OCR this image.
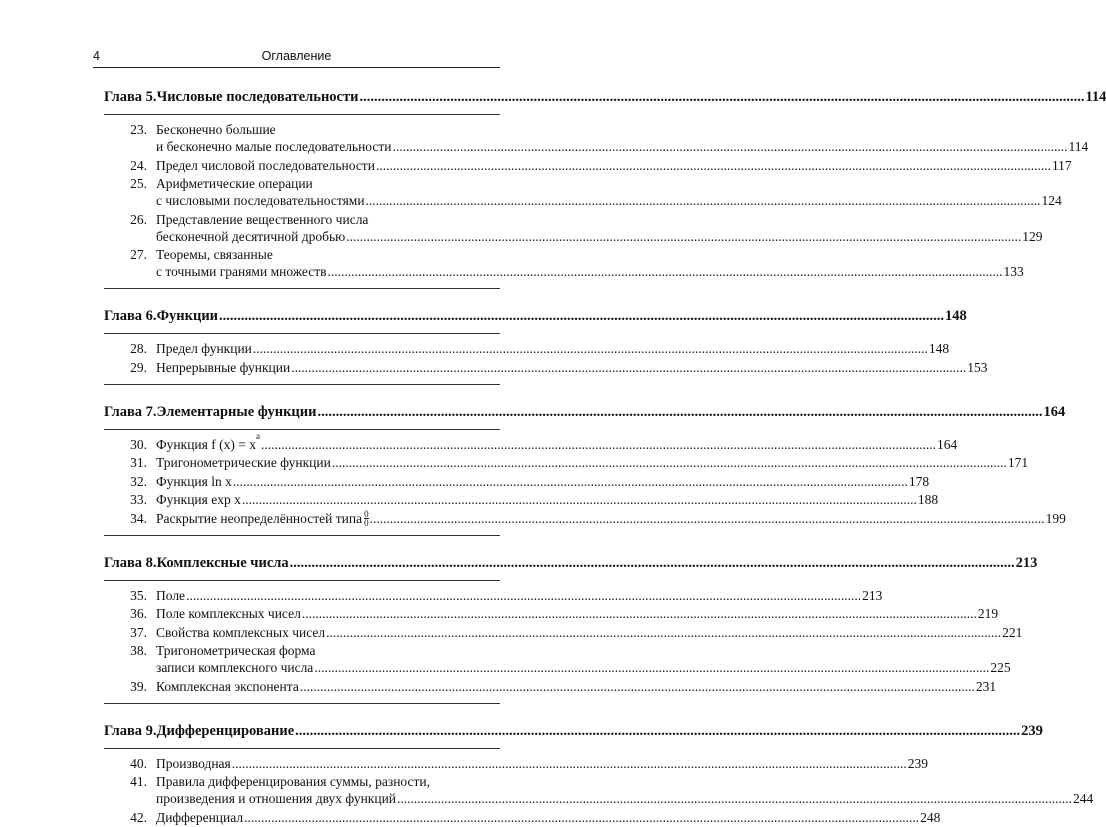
4	Оглавление
Глава 5. Числовые последовательности ........................................................................................................................................................................................................ 114
23. Бесконечно большие
и бесконечно малые последовательности ........................................................................................................................................................................................................ 114
24. Предел числовой последовательности ........................................................................................................................................................................................................ 117
25. Арифметические операции
с числовыми последовательностями ........................................................................................................................................................................................................ 124
26. Представление вещественного числа
бесконечной десятичной дробью ........................................................................................................................................................................................................ 129
27. Теоремы, связанные
с точными гранями множеств ........................................................................................................................................................................................................ 133
Глава 6. Функции ........................................................................................................................................................................................................ 148
28. Предел функции ........................................................................................................................................................................................................ 148
29. Непрерывные функции ........................................................................................................................................................................................................ 153
Глава 7. Элементарные функции ........................................................................................................................................................................................................ 164
30. Функция f (x) = x
a
........................................................................................................................................................................................................ 164
31. Тригонометрические функции ........................................................................................................................................................................................................ 171
32. Функция ln x ........................................................................................................................................................................................................ 178
33. Функция exp x ........................................................................................................................................................................................................ 188
34. Раскрытие неопределённостей типа $\frac{0}{0}$ ........................................................................................................................................................................................................ 199
Глава 8. Комплексные числа ........................................................................................................................................................................................................ 213
35. Поле ........................................................................................................................................................................................................ 213
36. Поле комплексных чисел ........................................................................................................................................................................................................ 219
37. Свойства комплексных чисел ........................................................................................................................................................................................................ 221
38. Тригонометрическая форма
записи комплексного числа ........................................................................................................................................................................................................ 225
39. Комплексная экспонента ........................................................................................................................................................................................................ 231
Глава 9. Дифференцирование ........................................................................................................................................................................................................ 239
40. Производная ........................................................................................................................................................................................................ 239
41. Правила дифференцирования суммы, разности,
произведения и отношения двух функций ........................................................................................................................................................................................................ 244
42. Дифференциал ........................................................................................................................................................................................................ 248
